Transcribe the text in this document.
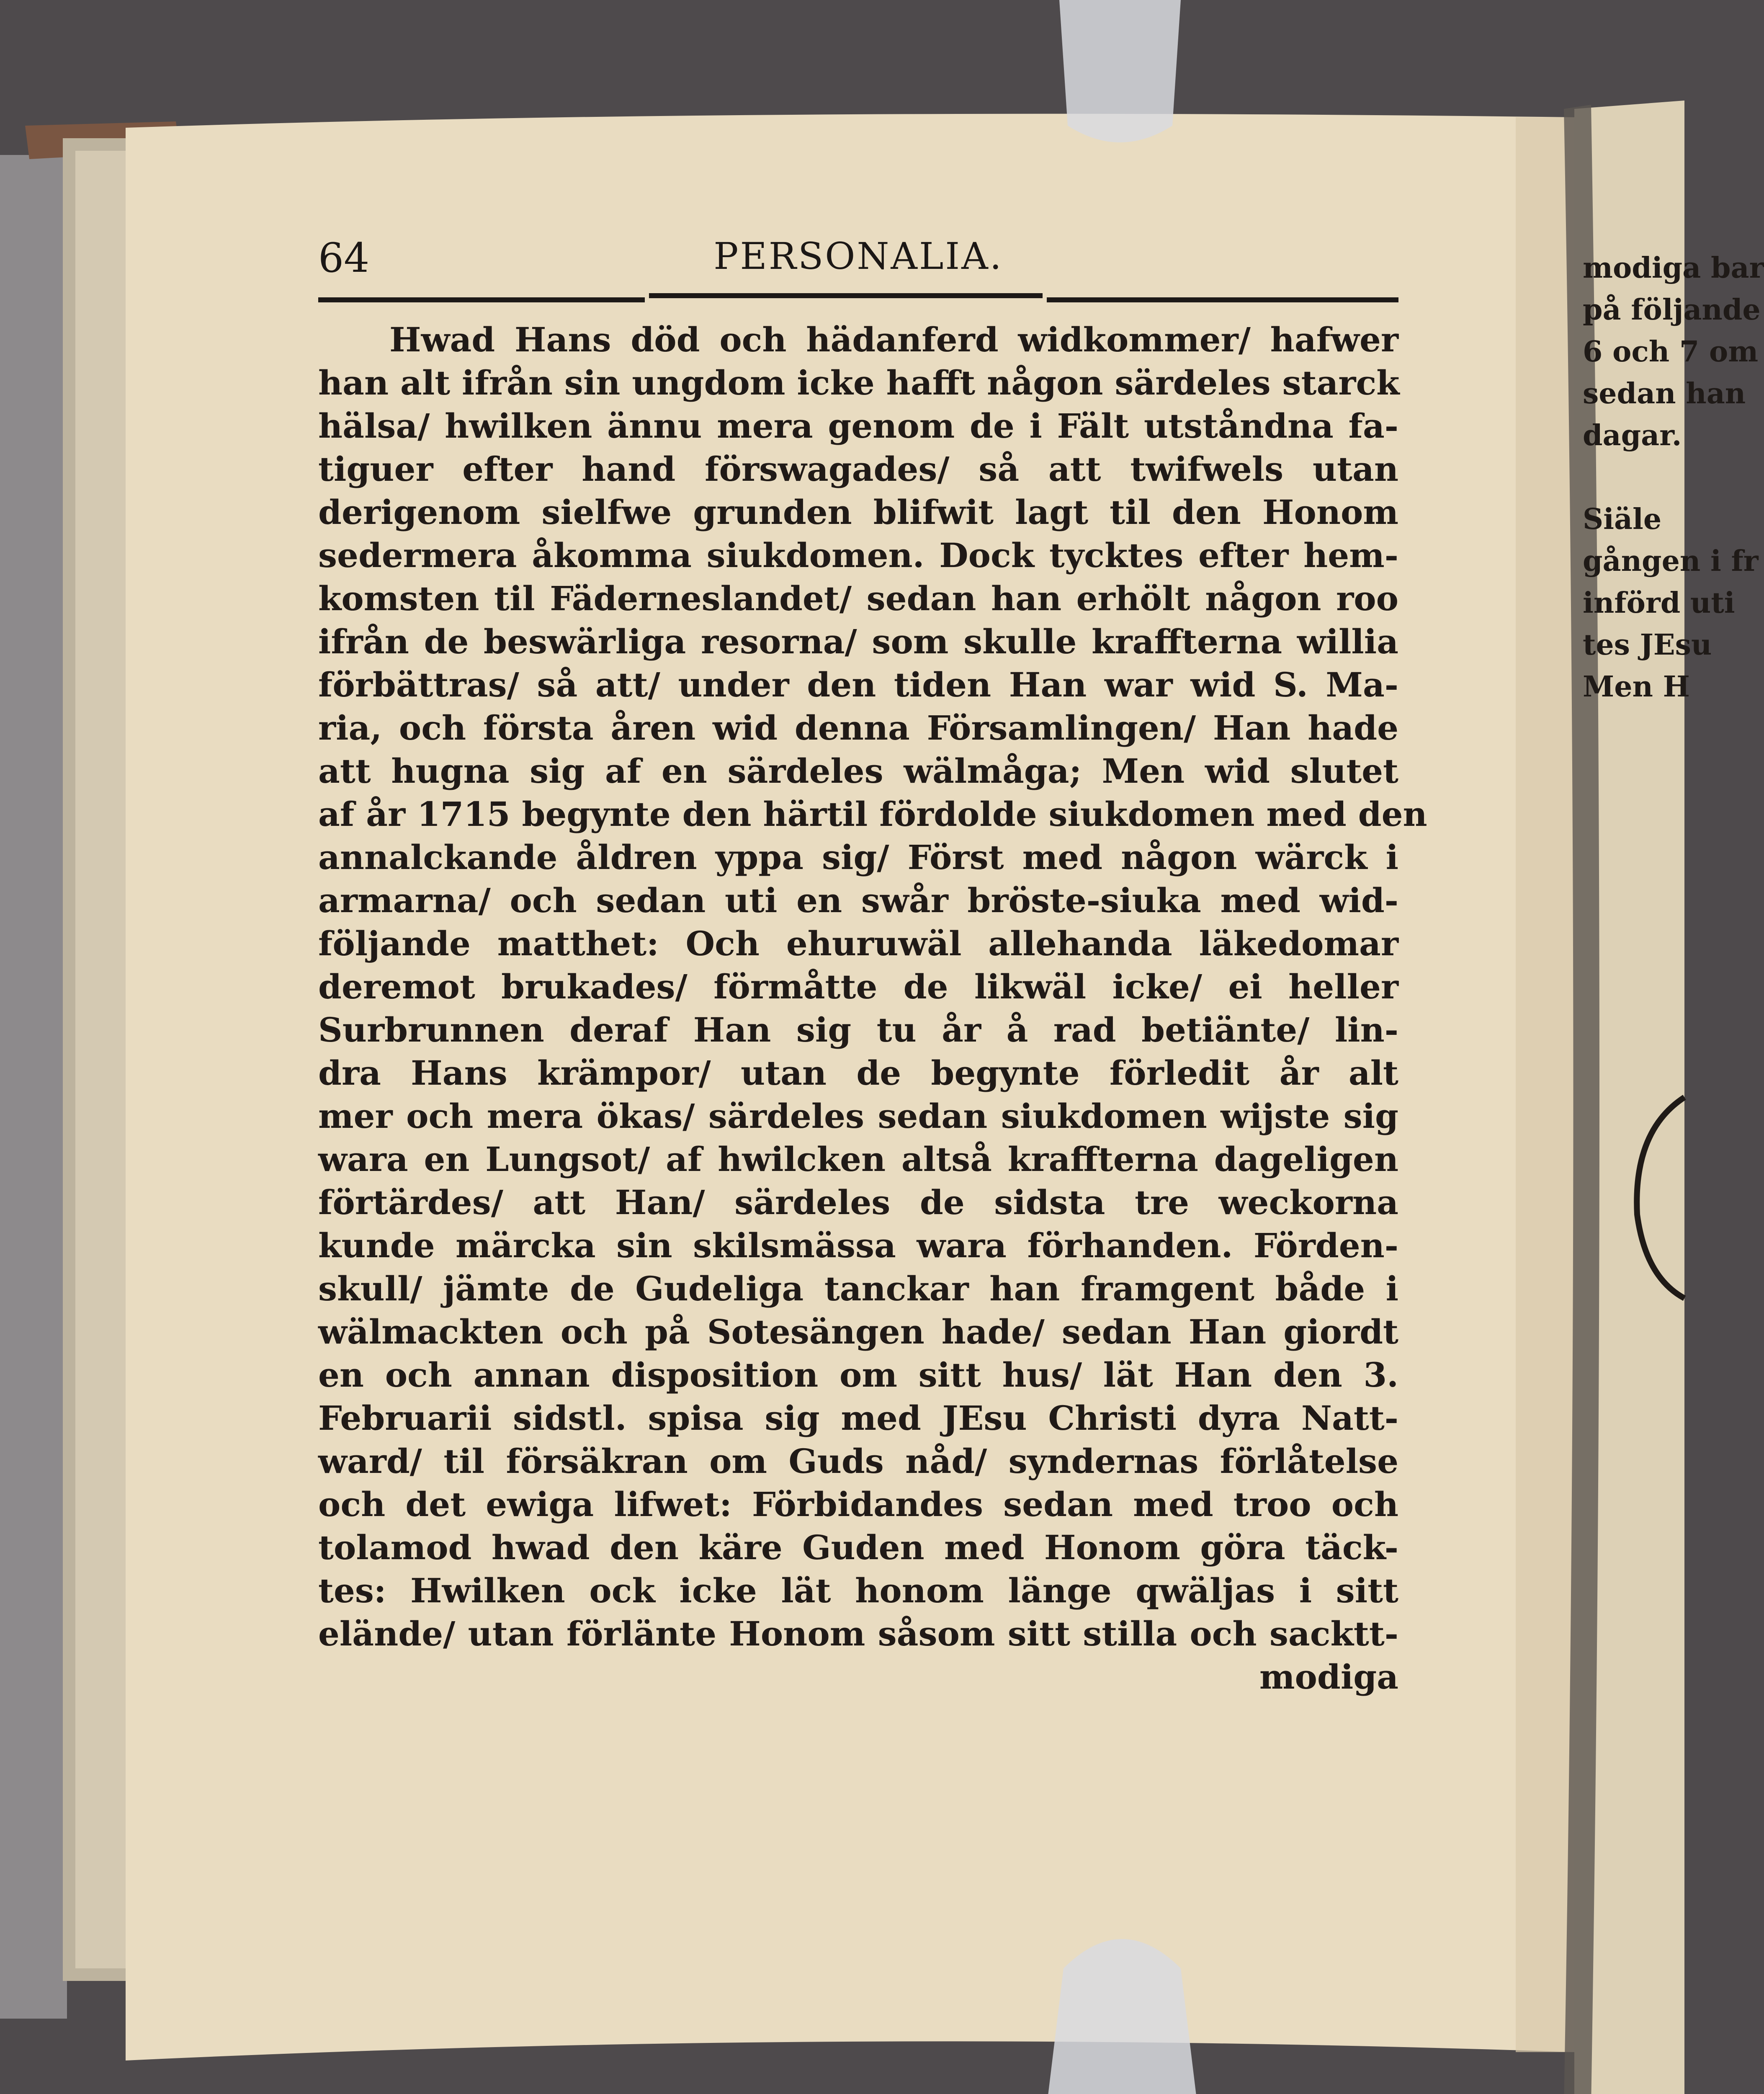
64	PERSONALIA.
Hwad Hans död och hädanferd widkommer/ hafwer
han alt ifrån sin ungdom icke hafft någon särdeles starck
hälsa/ hwilken ännu mera genom de i Fält utståndna fa-
tiguer efter hand förswagades/ så att twifwels utan
derigenom sielfwe grunden blifwit lagt til den Honom
sedermera åkomma siukdomen. Dock tycktes efter hem-
komsten til Fäderneslandet/ sedan han erhölt någon roo
ifrån de beswärliga resorna/ som skulle kraffterna willia
förbättras/ så att/ under den tiden Han war wid S. Ma-
ria, och första åren wid denna Församlingen/ Han hade
att hugna sig af en särdeles wälmåga; Men wid slutet
af år 1715 begynte den härtil fördolde siukdomen med den
annalckande åldren yppa sig/ Först med någon wärck i
armarna/ och sedan uti en swår bröste-siuka med wid-
följande matthet: Och ehuruwäl allehanda läkedomar
deremot brukades/ förmåtte de likwäl icke/ ei heller
Surbrunnen deraf Han sig tu år å rad betiänte/ lin-
dra Hans krämpor/ utan de begynte förledit år alt
mer och mera ökas/ särdeles sedan siukdomen wijste sig
wara en Lungsot/ af hwilcken altså kraffterna dageligen
förtärdes/ att Han/ särdeles de sidsta tre weckorna
kunde märcka sin skilsmässa wara förhanden. Förden-
skull/ jämte de Gudeliga tanckar han framgent både i
wälmackten och på Sotesängen hade/ sedan Han giordt
en och annan disposition om sitt hus/ lät Han den 3.
Februarii sidstl. spisa sig med JEsu Christi dyra Natt-
ward/ til försäkran om Guds nåd/ syndernas förlåtelse
och det ewiga lifwet: Förbidandes sedan med troo och
tolamod hwad den käre Guden med Honom göra täck-
tes: Hwilken ock icke lät honom länge qwäljas i sitt
elände/ utan förlänte Honom såsom sitt stilla och sacktt-
modiga
modiga bar
på följande
6 och 7 om
sedan han
dagar.
Siäle
gången i fr
införd uti
tes JEsu
Men H
